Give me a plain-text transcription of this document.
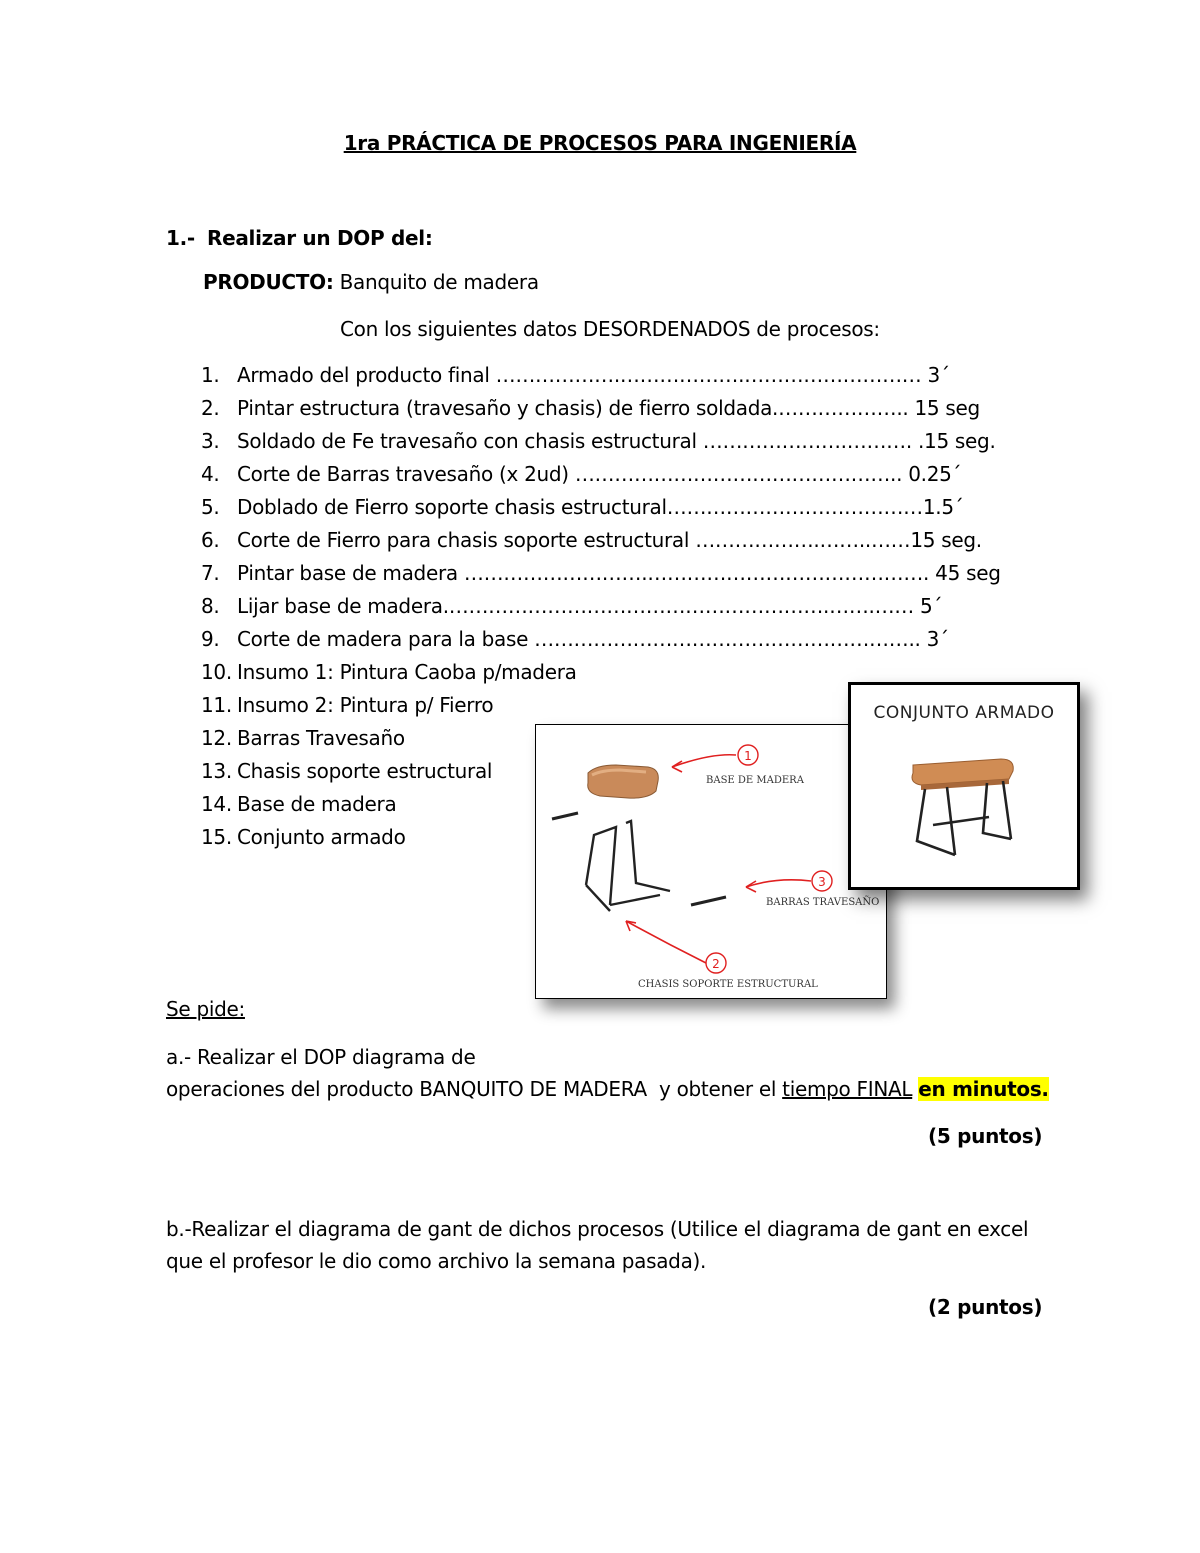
1ra PRÁCTICA DE PROCESOS PARA INGENIERÍA
1.- Realizar un DOP del:
PRODUCTO: Banquito de madera
Con los siguientes datos DESORDENADOS de procesos:
1. Armado del producto final ……………….……………….……………………… 3´
2. Pintar estructura (travesaño y chasis) de fierro soldada.……………….. 15 seg
3. Soldado de Fe travesaño con chasis estructural ………………….………. .15 seg.
4. Corte de Barras travesaño (x 2ud) ………………………………………….. 0.25´
5. Doblado de Fierro soporte chasis estructural…………………………………1.5´
6. Corte de Fierro para chasis soporte estructural ……………….……..……15 seg.
7. Pintar base de madera ……………………….……………………………………. 45 seg
8. Lijar base de madera.………………………………………………….…….…… 5´
9. Corte de madera para la base ………………………………………………….. 3´
10. Insumo 1: Pintura Caoba p/madera
11. Insumo 2: Pintura p/ Fierro
12. Barras Travesaño
13. Chasis soporte estructural
14. Base de madera
15. Conjunto armado
1
3
2
BASE DE MADERA
BARRAS TRAVESAÑO
CHASIS SOPORTE ESTRUCTURAL
CONJUNTO ARMADO
Se pide:
a.- Realizar el DOP diagrama de
operaciones del producto BANQUITO DE MADERA  y obtener el tiempo FINAL en minutos.
(5 puntos)
b.-Realizar el diagrama de gant de dichos procesos (Utilice el diagrama de gant en excel
que el profesor le dio como archivo la semana pasada).
(2 puntos)
